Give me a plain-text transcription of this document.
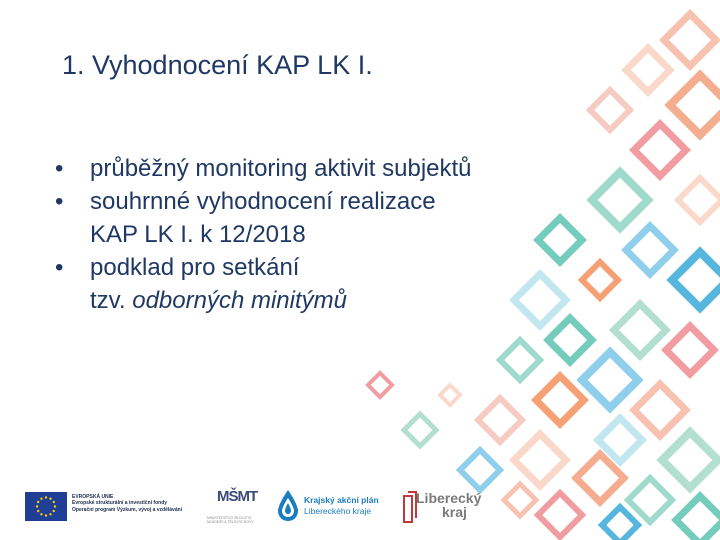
1. Vyhodnocení KAP LK I.
• průběžný monitoring aktivit subjektů
• souhrnné vyhodnocení realizace
KAP LK I. k 12/2018
• podklad pro setkání
tzv. odborných minitýmů
EVROPSKÁ UNIE
Evropské strukturální a investiční fondy
Operační program Výzkum, vývoj a vzdělávání
MŠMT
MINISTERSTVO ŠKOLSTVÍ, MLÁDEŽE A TĚLOVÝCHOVY
Krajský akční plán
Libereckého kraje
Liberecký
kraj
